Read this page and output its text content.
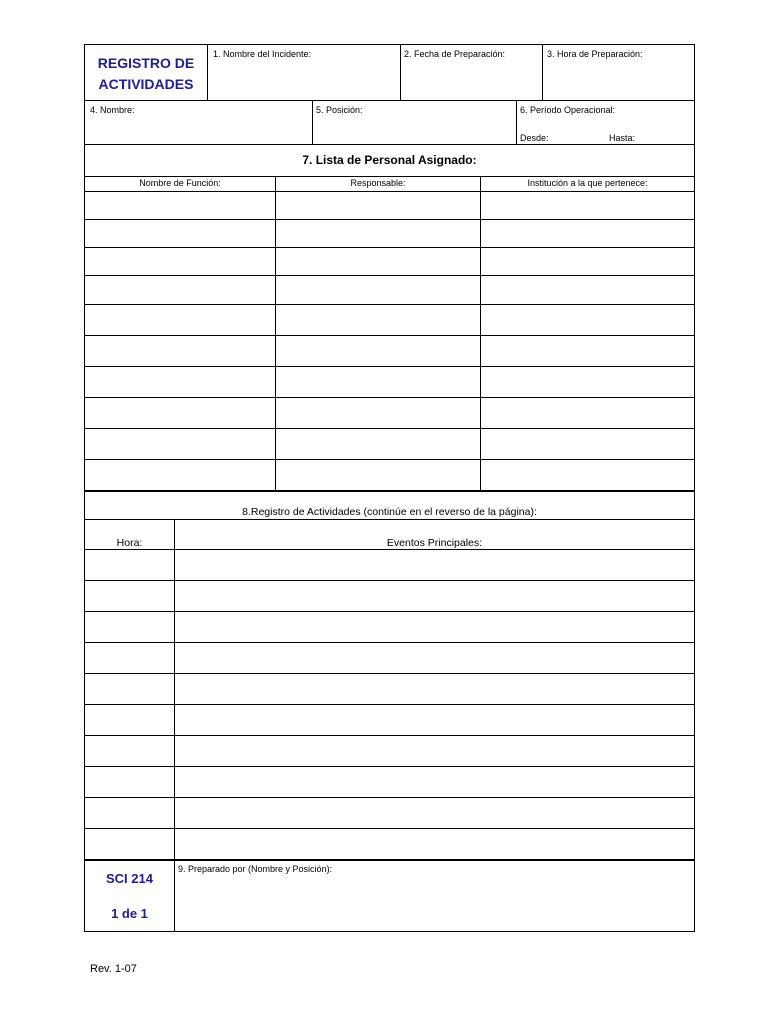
REGISTRO DE
ACTIVIDADES
1. Nombre del Incidente:	2. Fecha de Preparación:	3. Hora de Preparación:
4. Nombre:	5. Posición:	6. Período Operacional:
Desde:	Hasta:
7. Lista de Personal Asignado:
Nombre de Función:	Responsable:	Institución a la que pertenece:
8.Registro de Actividades (continúe en el reverso de la página):
Hora:	Eventos Principales:
SCI 214
1 de 1
9. Preparado por (Nombre y Posición):
Rev. 1-07
